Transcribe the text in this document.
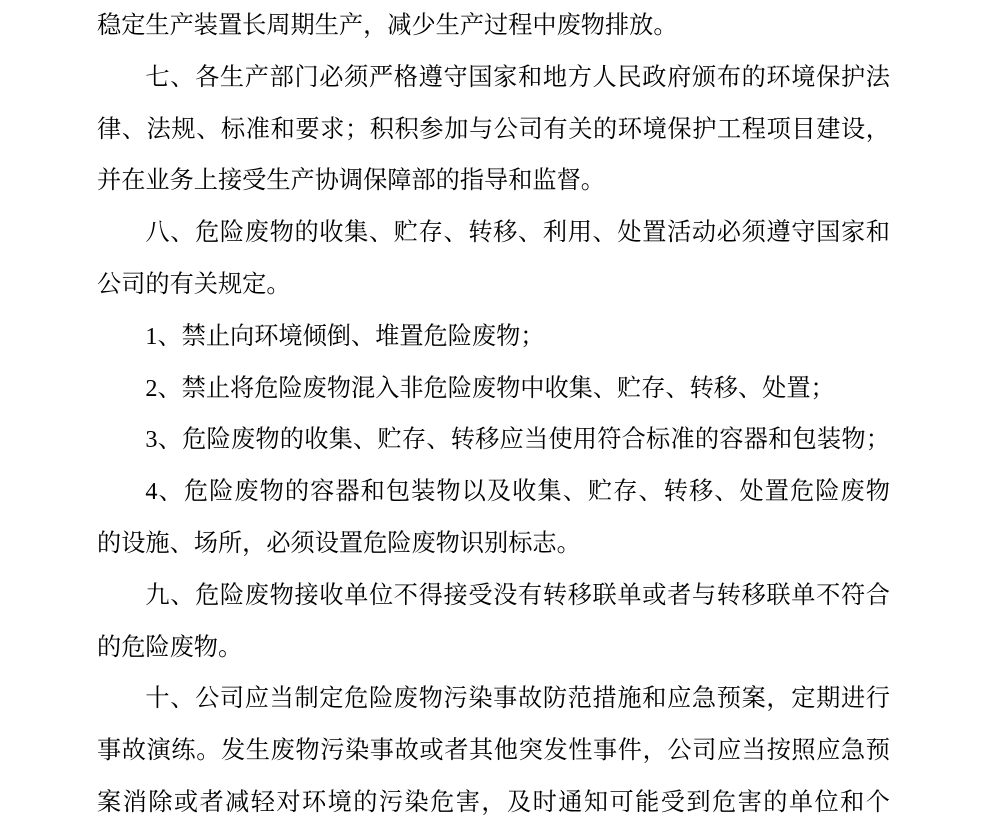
稳定生产装置长周期生产，减少生产过程中废物排放。
七、各生产部门必须严格遵守国家和地方人民政府颁布的环境保护法
律、法规、标准和要求；积积参加与公司有关的环境保护工程项目建设，
并在业务上接受生产协调保障部的指导和监督。
八、危险废物的收集、贮存、转移、利用、处置活动必须遵守国家和
公司的有关规定。
1、禁止向环境倾倒、堆置危险废物；
2、禁止将危险废物混入非危险废物中收集、贮存、转移、处置；
3、危险废物的收集、贮存、转移应当使用符合标准的容器和包装物；
4、危险废物的容器和包装物以及收集、贮存、转移、处置危险废物
的设施、场所，必须设置危险废物识别标志。
九、危险废物接收单位不得接受没有转移联单或者与转移联单不符合
的危险废物。
十、公司应当制定危险废物污染事故防范措施和应急预案，定期进行
事故演练。发生废物污染事故或者其他突发性事件，公司应当按照应急预
案消除或者减轻对环境的污染危害，及时通知可能受到危害的单位和个
